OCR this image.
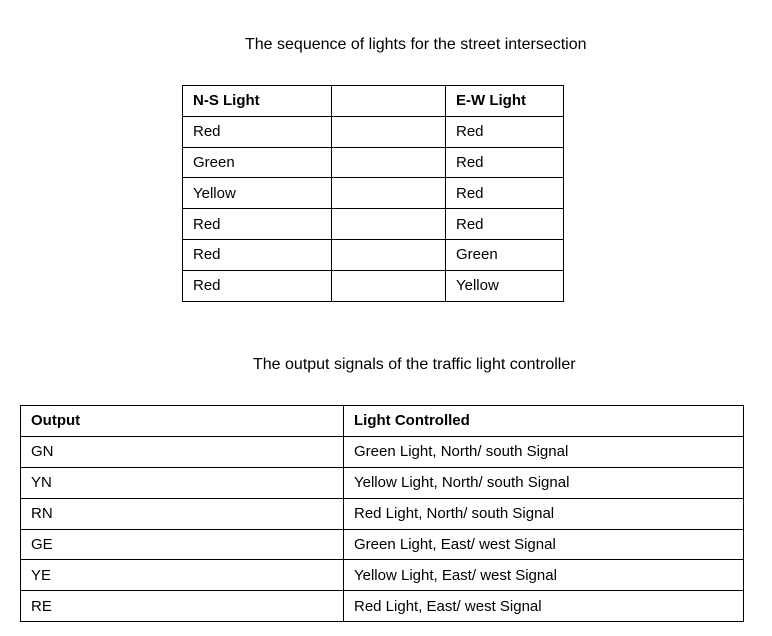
The sequence of lights for the street intersection

N-S Light		E-W Light
Red		Red
Green		Red
Yellow		Red
Red		Red
Red		Green
Red		Yellow

The output signals of the traffic light controller

Output	Light Controlled
GN	Green Light, North/ south Signal
YN	Yellow Light, North/ south Signal
RN	Red Light, North/ south Signal
GE	Green Light, East/ west Signal
YE	Yellow Light, East/ west Signal
RE	Red Light, East/ west Signal
